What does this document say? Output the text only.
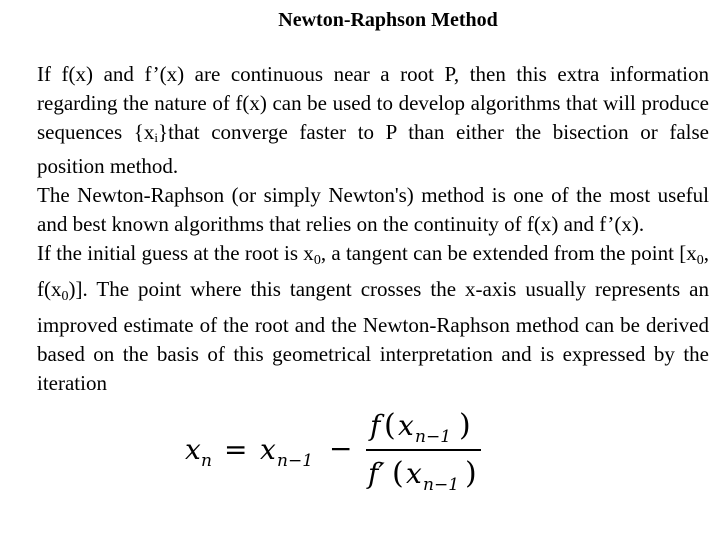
Newton-Raphson Method

If f(x) and f’(x) are continuous near a root P, then this extra information regarding the nature of f(x) can be used to develop algorithms that will produce sequences {xi}that converge faster to P than either the bisection or false position method.

The Newton-Raphson (or simply Newton's) method is one of the most useful and best known algorithms that relies on the continuity of f(x) and f’(x).

If the initial guess at the root is $x_0$, a tangent can be extended from the point [$x_0$, $f(x_0)$]. The point where this tangent crosses the x-axis usually represents an improved estimate of the root and the Newton-Raphson method can be derived based on the basis of this geometrical interpretation and is expressed by the iteration

x n = x n−1 −
f ( x n−1 )
f′ ( x n−1 )
